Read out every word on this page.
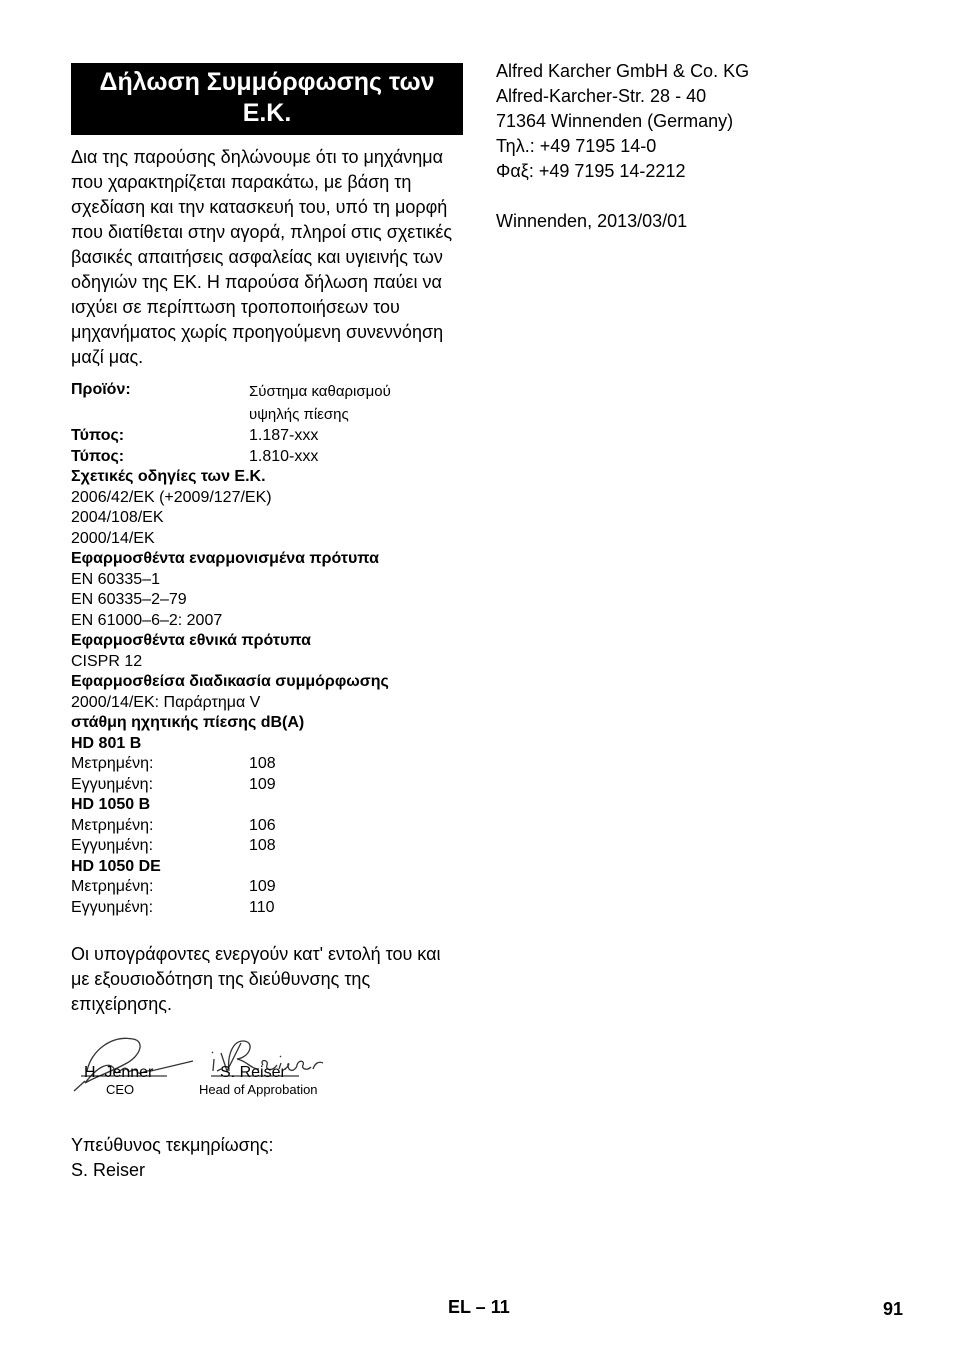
Δήλωση Συμμόρφωσης των Ε.Κ.
Δια της παρούσης δηλώνουμε ότι το μηχάνημα που χαρακτηρίζεται παρακάτω, με βάση τη σχεδίαση και την κατασκευή του, υπό τη μορφή που διατίθεται στην αγορά, πληροί στις σχετικές βασικές απαιτήσεις ασφαλείας και υγιεινής των οδηγιών της ΕΚ. Η παρούσα δήλωση παύει να ισχύει σε περίπτωση τροποποιήσεων του μηχανήματος χωρίς προηγούμενη συνεννόηση μαζί μας.
Προϊόν:	Σύστημα καθαρισμού
υψηλής πίεσης
Τύπος:	1.187-xxx
Τύπος:	1.810-xxx
Σχετικές οδηγίες των Ε.Κ.
2006/42/ΕΚ (+2009/127/ΕΚ)
2004/108/ΕΚ
2000/14/ΕΚ
Εφαρμοσθέντα εναρμονισμένα πρότυπα
EN 60335–1
EN 60335–2–79
EN 61000–6–2: 2007
Εφαρμοσθέντα εθνικά πρότυπα
CISPR 12
Εφαρμοσθείσα διαδικασία συμμόρφωσης
2000/14/ΕΚ: Παράρτημα V
στάθμη ηχητικής πίεσης dB(A)
HD 801 B
Μετρημένη:	108
Εγγυημένη:	109
HD 1050 B
Μετρημένη:	106
Εγγυημένη:	108
HD 1050 DE
Μετρημένη:	109
Εγγυημένη:	110
Οι υπογράφοντες ενεργούν κατ' εντολή του και με εξουσιοδότηση της διεύθυνσης της επιχείρησης.
H. Jenner
CEO
S. Reiser
Head of Approbation
Υπεύθυνος τεκμηρίωσης:
S. Reiser
Alfred Karcher GmbH & Co. KG
Alfred-Karcher-Str. 28 - 40
71364 Winnenden (Germany)
Τηλ.: +49 7195 14-0
Φαξ: +49 7195 14-2212
Winnenden, 2013/03/01
EL – 11	91
